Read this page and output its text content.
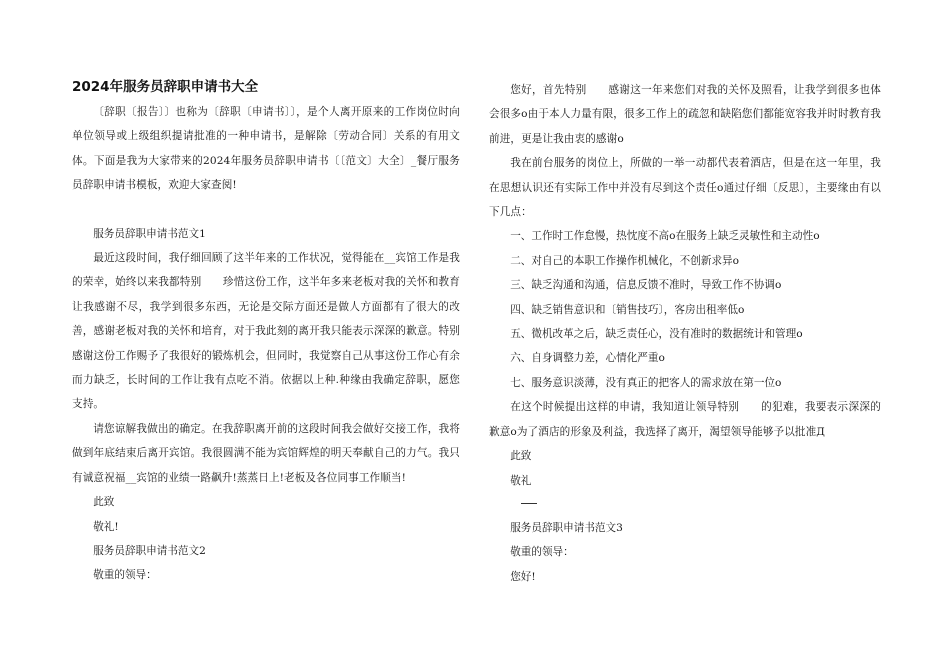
2024年服务员辞职申请书大全

〔辞职〔报告〕〕也称为〔辞职〔申请书〕〕，是个人离开原来的工作岗位时向单位领导或上级组织提请批准的一种申请书，是解除〔劳动合同〕关系的有用文体。下面是我为大家带来的2024年服务员辞职申请书〔〔范文〕大全〕_餐厅服务员辞职申请书模板，欢迎大家查阅!

服务员辞职申请书范文1

最近这段时间，我仔细回顾了这半年来的工作状况，觉得能在__宾馆工作是我的荣幸，始终以来我都特别　　珍惜这份工作，这半年多来老板对我的关怀和教育让我感谢不尽，我学到很多东西，无论是交际方面还是做人方面都有了很大的改善，感谢老板对我的关怀和培育，对于我此刻的离开我只能表示深深的歉意。特别　　感谢这份工作赐予了我很好的锻炼机会，但同时，我觉察自己从事这份工作心有余而力缺乏，长时间的工作让我有点吃不消。依据以上种.种缘由我确定辞职，愿您支持。

请您谅解我做出的确定。在我辞职离开前的这段时间我会做好交接工作，我将做到年底结束后离开宾馆。我很圆满不能为宾馆辉煌的明天奉献自己的力气。我只有诚意祝福__宾馆的业绩一路飙升!蒸蒸日上!老板及各位同事工作顺当!

此致

敬礼!

服务员辞职申请书范文2

敬重的领导：

您好，首先特别　　感谢这一年来您们对我的关怀及照看，让我学到很多也体会很多o由于本人力量有限，很多工作上的疏忽和缺陷您们都能宽容我并时时教育我前进，更是让我由衷的感谢o

我在前台服务的岗位上，所做的一举一动都代表着酒店，但是在这一年里，我在思想认识还有实际工作中并没有尽到这个责任o通过仔细〔反思〕，主要缘由有以下几点：

一、工作时工作怠慢，热忱度不高o在服务上缺乏灵敏性和主动性o

二、对自己的本职工作操作机械化，不创新求异o

三、缺乏沟通和沟通，信息反馈不准时，导致工作不协调o

四、缺乏销售意识和〔销售技巧〕，客房出租率低o

五、微机改革之后，缺乏责任心，没有准时的数据统计和管理o

六、自身调整力差，心情化严重o

七、服务意识淡薄，没有真正的把客人的需求放在第一位o

在这个时候提出这样的申请，我知道让领导特别　　的犯难，我要表示深深的歉意o为了酒店的形象及利益，我选择了离开，渴望领导能够予以批准Д

此致

敬礼

服务员辞职申请书范文3

敬重的领导：

您好!
